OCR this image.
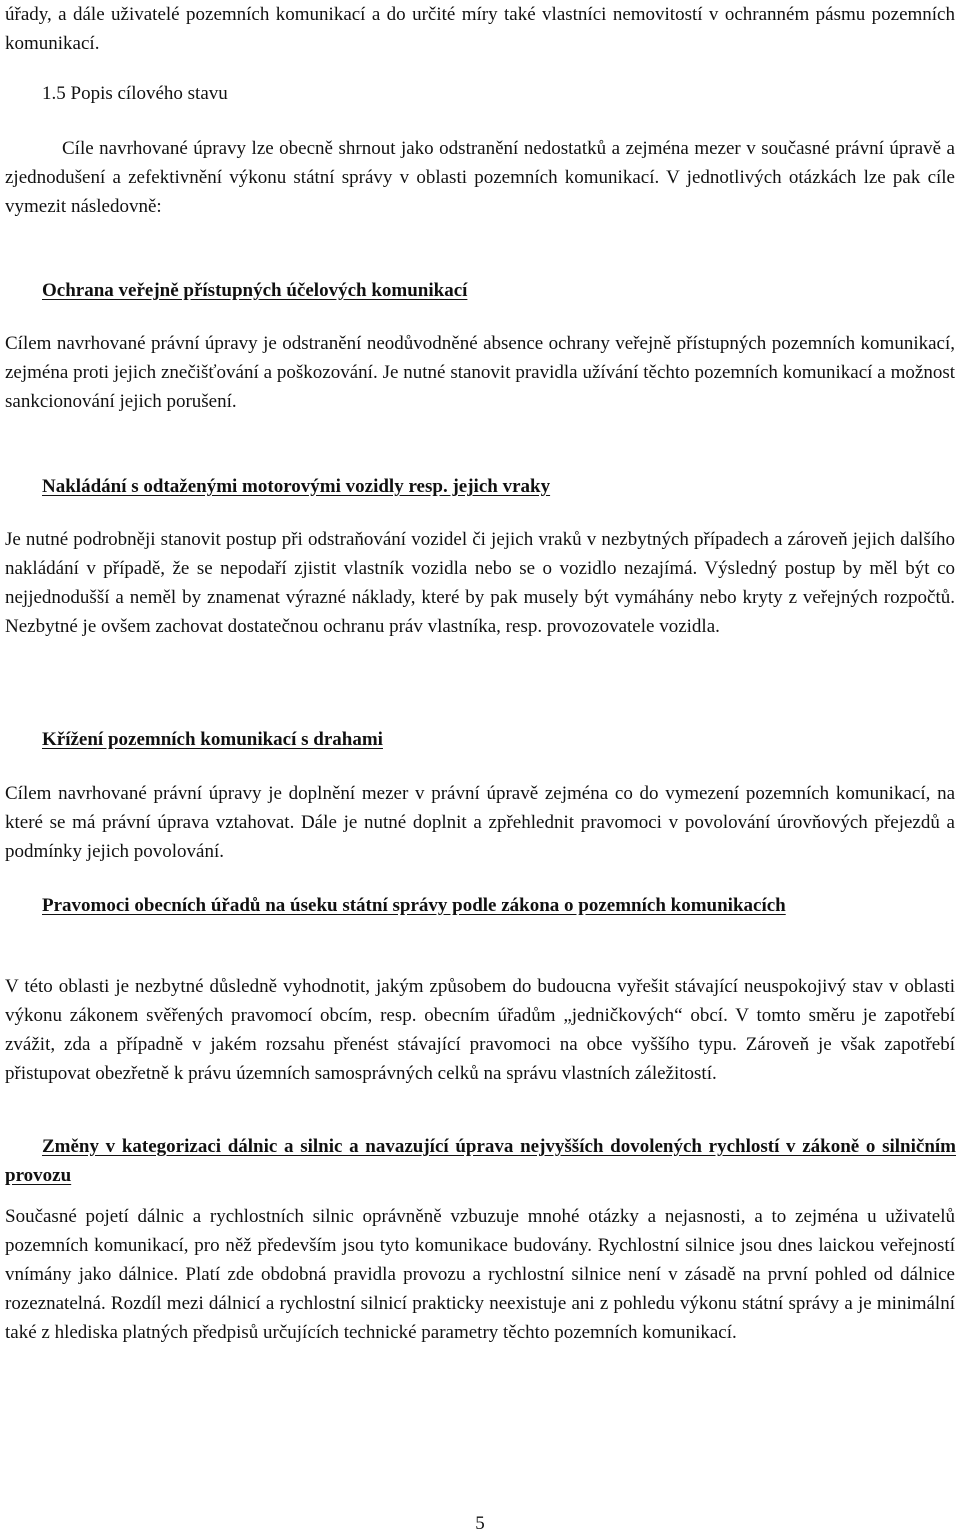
úřady, a dále uživatelé pozemních komunikací a do určité míry také vlastníci nemovitostí v ochranném pásmu pozemních komunikací.

1.5 Popis cílového stavu

Cíle navrhované úpravy lze obecně shrnout jako odstranění nedostatků a zejména mezer v současné právní úpravě a zjednodušení a zefektivnění výkonu státní správy v oblasti pozemních komunikací. V jednotlivých otázkách lze pak cíle vymezit následovně:

Ochrana veřejně přístupných účelových komunikací

Cílem navrhované právní úpravy je odstranění neodůvodněné absence ochrany veřejně přístupných pozemních komunikací, zejména proti jejich znečišťování a poškozování. Je nutné stanovit pravidla užívání těchto pozemních komunikací a možnost sankcionování jejich porušení.

Nakládání s odtaženými motorovými vozidly resp. jejich vraky

Je nutné podrobněji stanovit postup při odstraňování vozidel či jejich vraků v nezbytných případech a zároveň jejich dalšího nakládání v případě, že se nepodaří zjistit vlastník vozidla nebo se o vozidlo nezajímá. Výsledný postup by měl být co nejjednodušší a neměl by znamenat výrazné náklady, které by pak musely být vymáhány nebo kryty z veřejných rozpočtů. Nezbytné je ovšem zachovat dostatečnou ochranu práv vlastníka, resp. provozovatele vozidla.

Křížení pozemních komunikací s drahami

Cílem navrhované právní úpravy je doplnění mezer v právní úpravě zejména co do vymezení pozemních komunikací, na které se má právní úprava vztahovat. Dále je nutné doplnit a zpřehlednit pravomoci v povolování úrovňových přejezdů a podmínky jejich povolování.

Pravomoci obecních úřadů na úseku státní správy podle zákona o pozemních komunikacích

V této oblasti je nezbytné důsledně vyhodnotit, jakým způsobem do budoucna vyřešit stávající neuspokojivý stav v oblasti výkonu zákonem svěřených pravomocí obcím, resp. obecním úřadům „jedničkových“ obcí. V tomto směru je zapotřebí zvážit, zda a případně v jakém rozsahu přenést stávající pravomoci na obce vyššího typu. Zároveň je však zapotřebí přistupovat obezřetně k právu územních samosprávných celků na správu vlastních záležitostí.

Změny v kategorizaci dálnic a silnic a navazující úprava nejvyšších dovolených rychlostí v zákoně o silničním provozu

Současné pojetí dálnic a rychlostních silnic oprávněně vzbuzuje mnohé otázky a nejasnosti, a to zejména u uživatelů pozemních komunikací, pro něž především jsou tyto komunikace budovány. Rychlostní silnice jsou dnes laickou veřejností vnímány jako dálnice. Platí zde obdobná pravidla provozu a rychlostní silnice není v zásadě na první pohled od dálnice rozeznatelná. Rozdíl mezi dálnicí a rychlostní silnicí prakticky neexistuje ani z pohledu výkonu státní správy a je minimální také z hlediska platných předpisů určujících technické parametry těchto pozemních komunikací.

5
